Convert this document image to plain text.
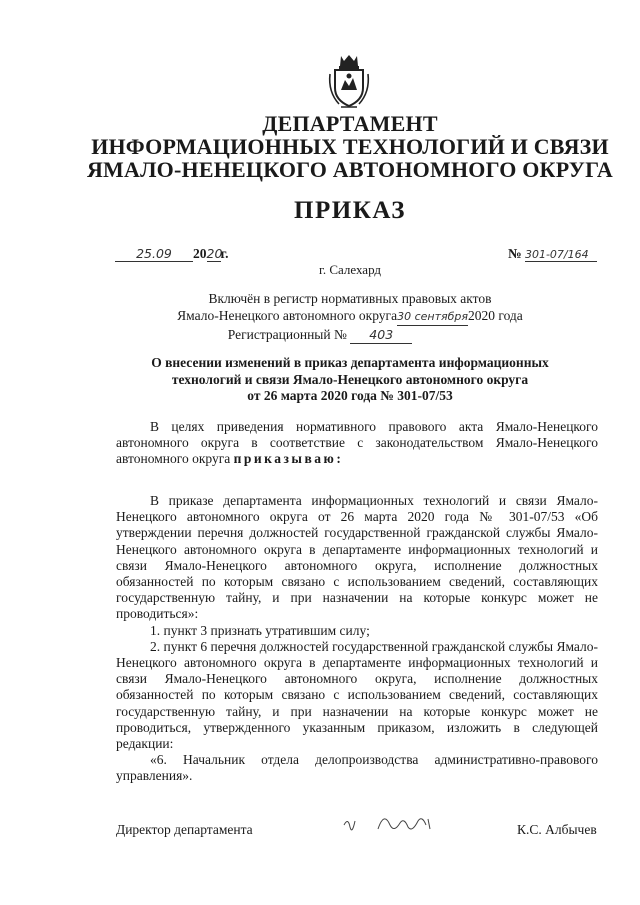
ДЕПАРТАМЕНТ
ИНФОРМАЦИОННЫХ ТЕХНОЛОГИЙ И СВЯЗИ
ЯМАЛО-НЕНЕЦКОГО АВТОНОМНОГО ОКРУГА
ПРИКАЗ
25.09 2020г.	№ 301-07/164
г. Салехард
Включён в регистр нормативных правовых актов
Ямало-Ненецкого автономного округа30 сентября2020 года
Регистрационный № 403
О внесении изменений в приказ департамента информационных
технологий и связи Ямало-Ненецкого автономного округа
от 26 марта 2020 года № 301-07/53
В целях приведения нормативного правового акта Ямало-Ненецкого автономного округа в соответствие с законодательством Ямало-Ненецкого автономного округа приказываю:
В приказе департамента информационных технологий и связи Ямало-Ненецкого автономного округа от 26 марта 2020 года № 301-07/53 «Об утверждении перечня должностей государственной гражданской службы Ямало-Ненецкого автономного округа в департаменте информационных технологий и связи Ямало-Ненецкого автономного округа, исполнение должностных обязанностей по которым связано с использованием сведений, составляющих государственную тайну, и при назначении на которые конкурс может не проводиться»:
1. пункт 3 признать утратившим силу;
2. пункт 6 перечня должностей государственной гражданской службы Ямало-Ненецкого автономного округа в департаменте информационных технологий и связи Ямало-Ненецкого автономного округа, исполнение должностных обязанностей по которым связано с использованием сведений, составляющих государственную тайну, и при назначении на которые конкурс может не проводиться, утвержденного указанным приказом, изложить в следующей редакции:
«6. Начальник отдела делопроизводства административно-правового управления».
Директор департамента	К.С. Албычев
